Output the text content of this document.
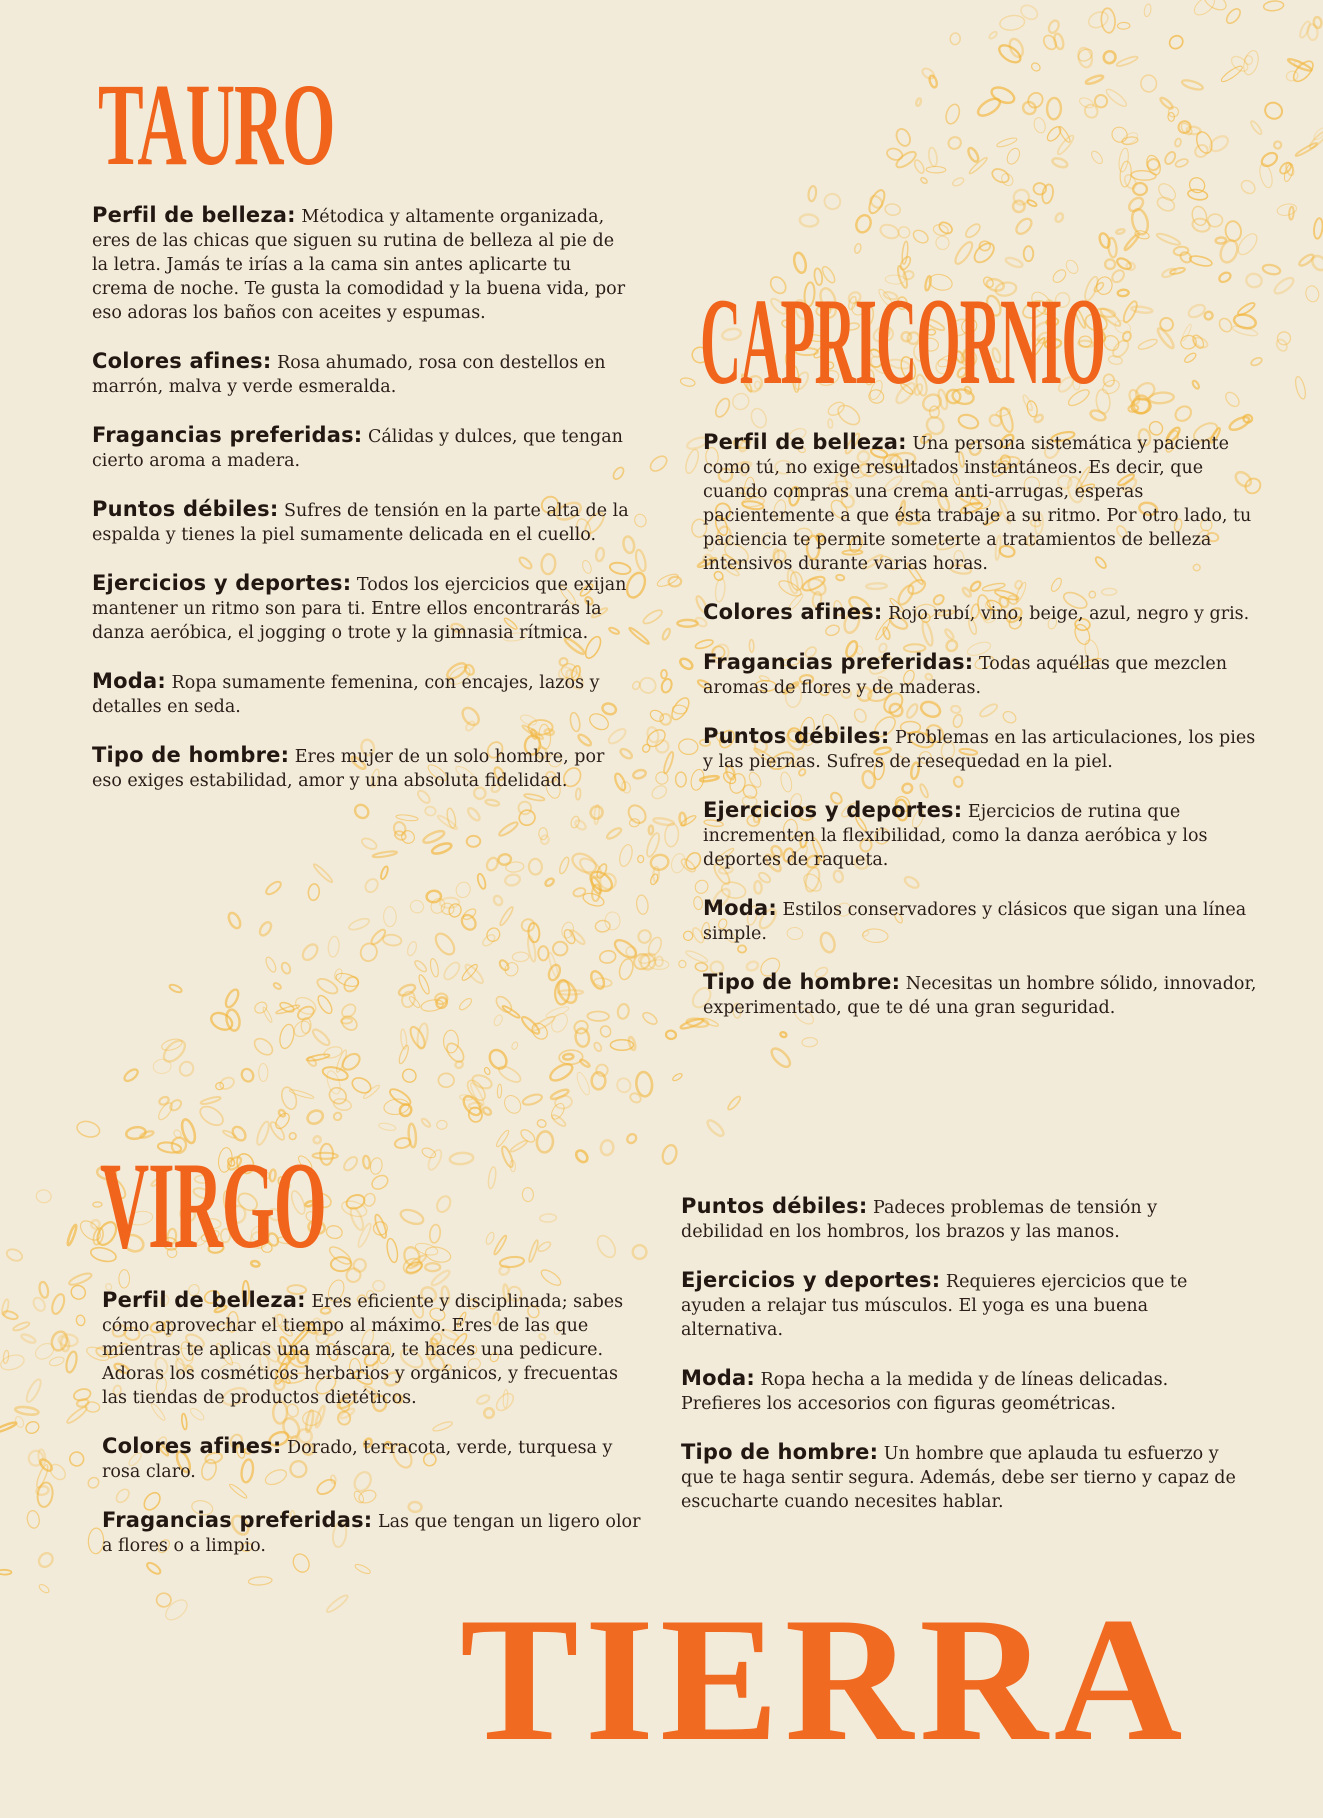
TAURO

Perfil de belleza: Métodica y altamente organizada, eres de las chicas que siguen su rutina de belleza al pie de la letra. Jamás te irías a la cama sin antes aplicarte tu crema de noche. Te gusta la comodidad y la buena vida, por eso adoras los baños con aceites y espumas.

Colores afines: Rosa ahumado, rosa con destellos en marrón, malva y verde esmeralda.

Fragancias preferidas: Cálidas y dulces, que tengan cierto aroma a madera.

Puntos débiles: Sufres de tensión en la parte alta de la espalda y tienes la piel sumamente delicada en el cuello.

Ejercicios y deportes: Todos los ejercicios que exijan mantener un ritmo son para ti. Entre ellos encontrarás la danza aeróbica, el jogging o trote y la gimnasia rítmica.

Moda: Ropa sumamente femenina, con encajes, lazos y detalles en seda.

Tipo de hombre: Eres mujer de un solo hombre, por eso exiges estabilidad, amor y una absoluta fidelidad.

CAPRICORNIO

Perfil de belleza: Una persona sistemática y paciente como tú, no exige resultados instantáneos. Es decir, que cuando compras una crema anti-arrugas, esperas pacientemente a que ésta trabaje a su ritmo. Por otro lado, tu paciencia te permite someterte a tratamientos de belleza intensivos durante varias horas.

Colores afines: Rojo rubí, vino, beige, azul, negro y gris.

Fragancias preferidas: Todas aquéllas que mezclen aromas de flores y de maderas.

Puntos débiles: Problemas en las articulaciones, los pies y las piernas. Sufres de resequedad en la piel.

Ejercicios y deportes: Ejercicios de rutina que incrementen la flexibilidad, como la danza aeróbica y los deportes de raqueta.

Moda: Estilos conservadores y clásicos que sigan una línea simple.

Tipo de hombre: Necesitas un hombre sólido, innovador, experimentado, que te dé una gran seguridad.

VIRGO

Perfil de belleza: Eres eficiente y disciplinada; sabes cómo aprovechar el tiempo al máximo. Eres de las que mientras te aplicas una máscara, te haces una pedicure. Adoras los cosméticos herbarios y orgánicos, y frecuentas las tiendas de productos dietéticos.

Colores afines: Dorado, terracota, verde, turquesa y rosa claro.

Fragancias preferidas: Las que tengan un ligero olor a flores o a limpio.

Puntos débiles: Padeces problemas de tensión y debilidad en los hombros, los brazos y las manos.

Ejercicios y deportes: Requieres ejercicios que te ayuden a relajar tus músculos. El yoga es una buena alternativa.

Moda: Ropa hecha a la medida y de líneas delicadas. Prefieres los accesorios con figuras geométricas.

Tipo de hombre: Un hombre que aplauda tu esfuerzo y que te haga sentir segura. Además, debe ser tierno y capaz de escucharte cuando necesites hablar.

TIERRA
